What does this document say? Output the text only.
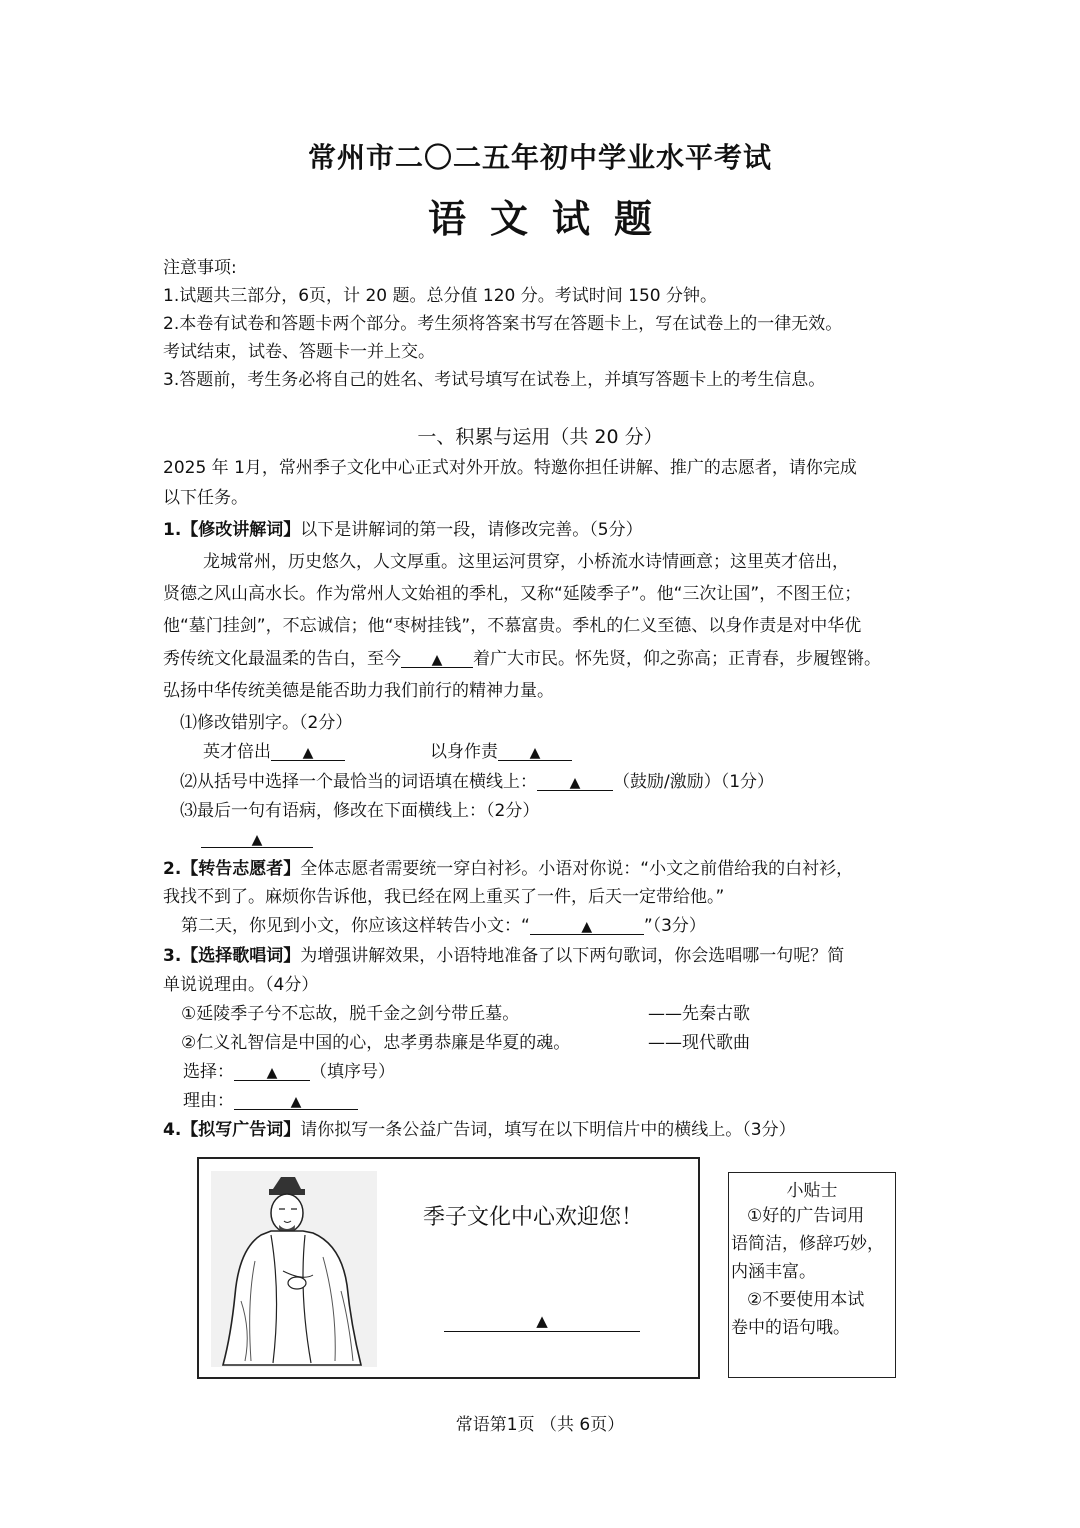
常州市二〇二五年初中学业水平考试
语文试题
注意事项:
1.试题共三部分，6页，计 20 题。总分值 120 分。考试时间 150 分钟。
2.本卷有试卷和答题卡两个部分。考生须将答案书写在答题卡上，写在试卷上的一律无效。
考试结束，试卷、答题卡一并上交。
3.答题前，考生务必将自己的姓名、考试号填写在试卷上，并填写答题卡上的考生信息。
一、积累与运用（共 20 分）
2025 年 1月，常州季子文化中心正式对外开放。特邀你担任讲解、推广的志愿者，请你完成
以下任务。
1.【修改讲解词】以下是讲解词的第一段，请修改完善。（5分）
龙城常州，历史悠久，人文厚重。这里运河贯穿，小桥流水诗情画意；这里英才倍出，
贤德之风山高水长。作为常州人文始祖的季札，又称“延陵季子”。他“三次让国”，不图王位；
他“墓门挂剑”，不忘诚信；他“枣树挂钱”，不慕富贵。季札的仁义至德、以身作责是对中华优
秀传统文化最温柔的告白，至今 ▲ 着广大市民。怀先贤，仰之弥高；正青春，步履铿锵。
弘扬中华传统美德是能否助力我们前行的精神力量。
⑴修改错别字。（2分）
英才倍出 ▲	以身作责 ▲
⑵从括号中选择一个最恰当的词语填在横线上： ▲ （鼓励/激励）（1分）
⑶最后一句有语病，修改在下面横线上：（2分）
▲
2.【转告志愿者】全体志愿者需要统一穿白衬衫。小语对你说：“小文之前借给我的白衬衫，
我找不到了。麻烦你告诉他，我已经在网上重买了一件，后天一定带给他。”
第二天，你见到小文，你应该这样转告小文：“	▲	”（3分）
3.【选择歌唱词】为增强讲解效果，小语特地准备了以下两句歌词，你会选唱哪一句呢？简
单说说理由。（4分）
①延陵季子兮不忘故，脱千金之剑兮带丘墓。	——先秦古歌
②仁义礼智信是中国的心，忠孝勇恭廉是华夏的魂。	——现代歌曲
选择： ▲ （填序号）
理由：	▲
4.【拟写广告词】请你拟写一条公益广告词，填写在以下明信片中的横线上。（3分）
季子文化中心欢迎您！
▲
小贴士
①好的广告词用
语简洁，修辞巧妙，
内涵丰富。
②不要使用本试
卷中的语句哦。
常语第1页 （共 6页）
